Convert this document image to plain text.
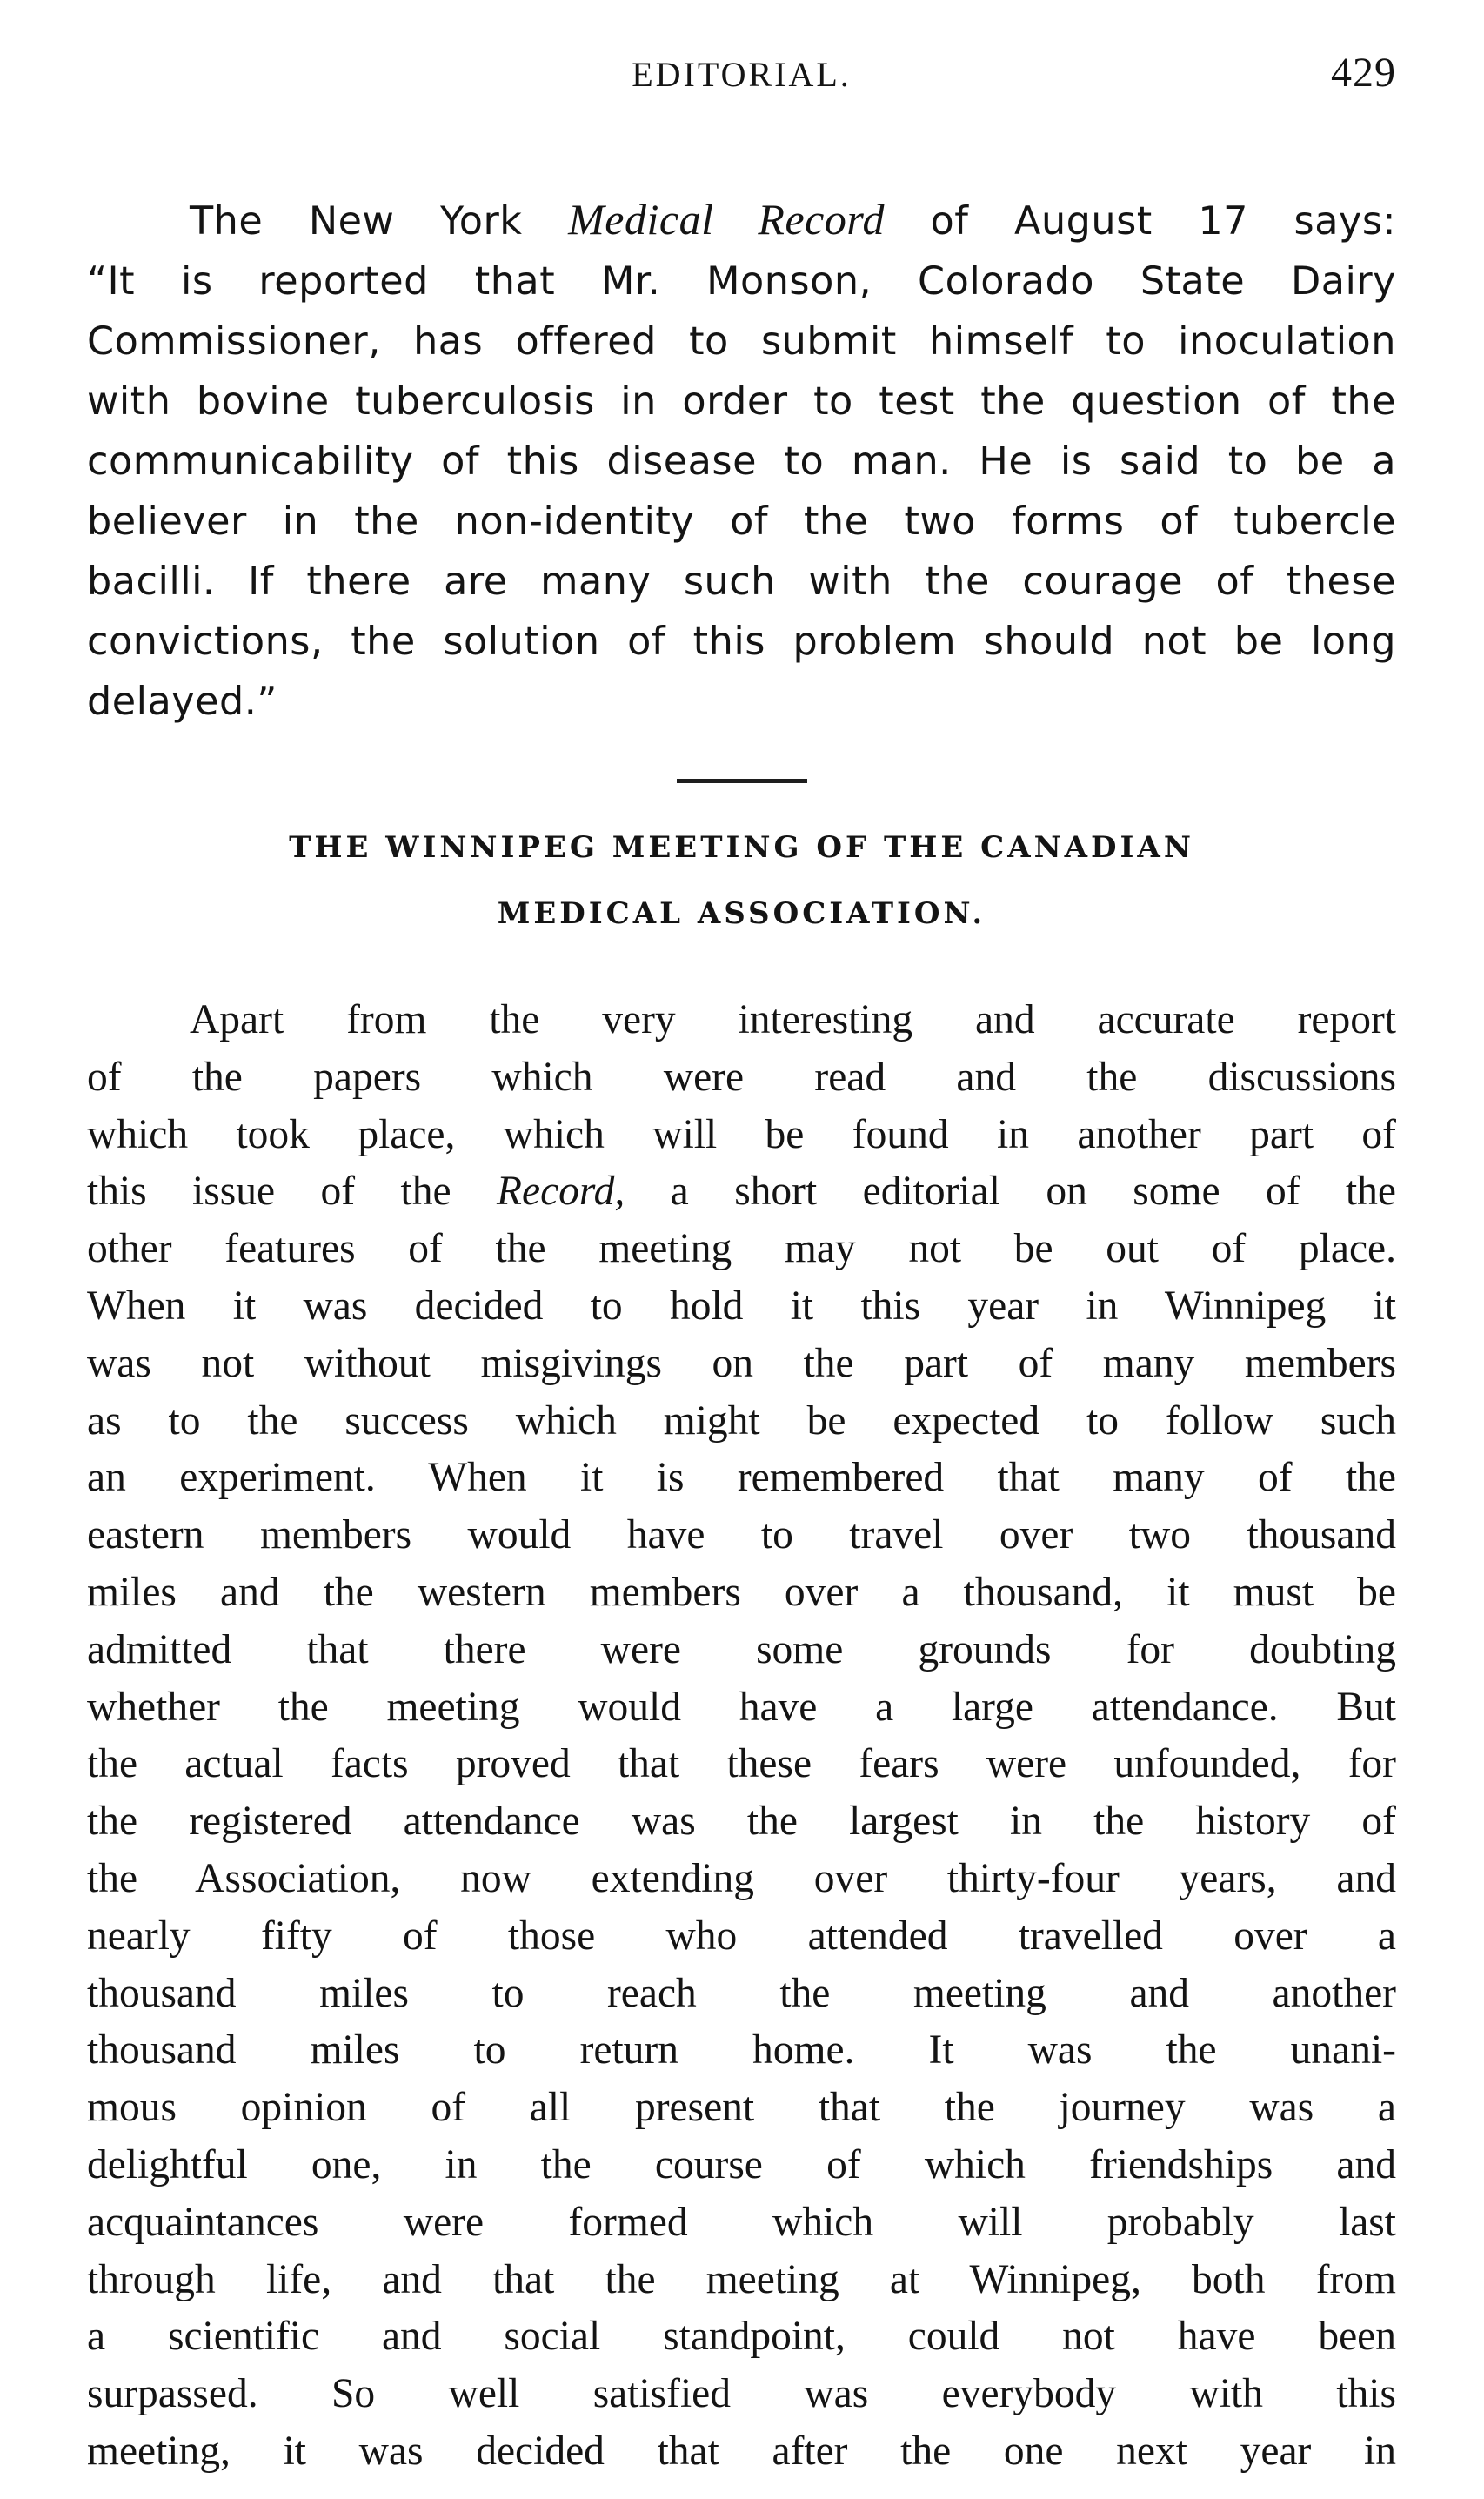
EDITORIAL.	429
The New York Medical Record of August 17 says:
“It is reported that Mr. Monson, Colorado State Dairy
Commissioner, has offered to submit himself to inoculation
with bovine tuberculosis in order to test the question of the
communicability of this disease to man. He is said to be a
believer in the non-identity of the two forms of tubercle
bacilli. If there are many such with the courage of these
convictions, the solution of this problem should not be long
delayed.”
THE WINNIPEG MEETING OF THE CANADIAN
MEDICAL ASSOCIATION.
Apart from the very interesting and accurate report
of the papers which were read and the discussions
which took place, which will be found in another part of
this issue of the Record, a short editorial on some of the
other features of the meeting may not be out of place.
When it was decided to hold it this year in Winnipeg it
was not without misgivings on the part of many members
as to the success which might be expected to follow such
an experiment. When it is remembered that many of the
eastern members would have to travel over two thousand
miles and the western members over a thousand, it must be
admitted that there were some grounds for doubting
whether the meeting would have a large attendance. But
the actual facts proved that these fears were unfounded, for
the registered attendance was the largest in the history of
the Association, now extending over thirty-four years, and
nearly fifty of those who attended travelled over a
thousand miles to reach the meeting and another
thousand miles to return home. It was the unani-
mous opinion of all present that the journey was a
delightful one, in the course of which friendships and
acquaintances were formed which will probably last
through life, and that the meeting at Winnipeg, both from
a scientific and social standpoint, could not have been
surpassed. So well satisfied was everybody with this
meeting, it was decided that after the one next year in
